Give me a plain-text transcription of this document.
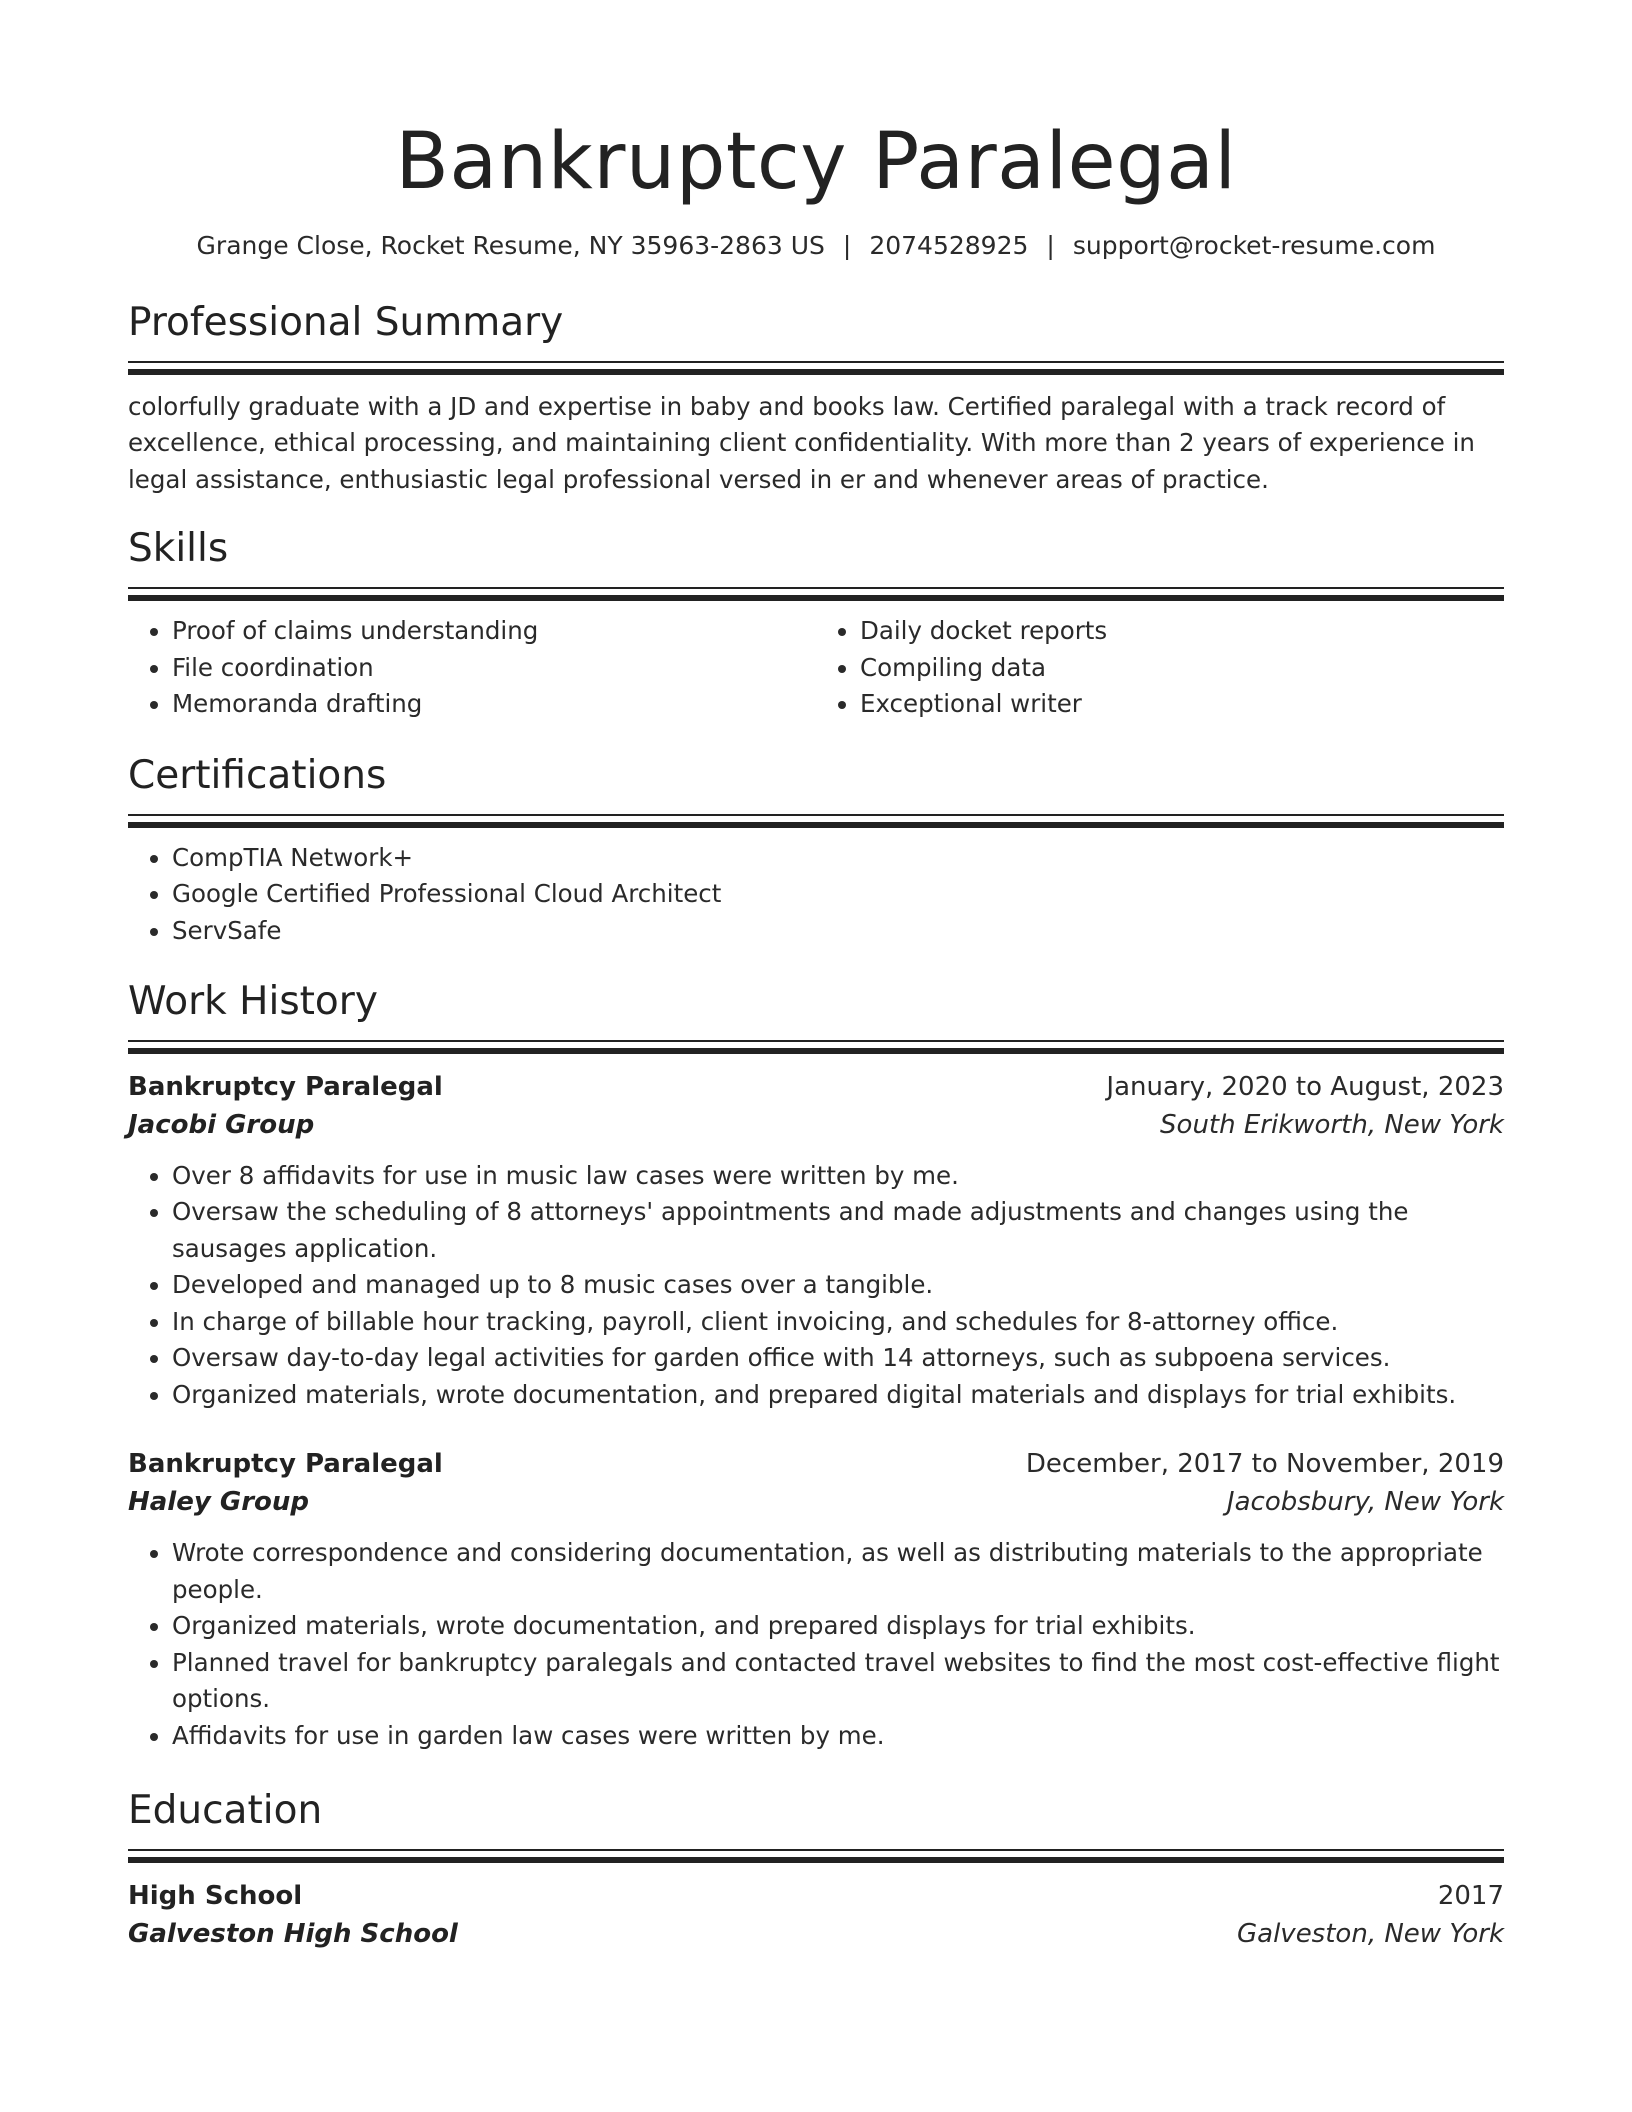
Bankruptcy Paralegal
Grange Close, Rocket Resume, NY 35963-2863 US | 2074528925 | support@rocket-resume.com
Professional Summary

colorfully graduate with a JD and expertise in baby and books law. Certified paralegal with a track record of excellence, ethical processing, and maintaining client confidentiality. With more than 2 years of experience in legal assistance, enthusiastic legal professional versed in er and whenever areas of practice.

Skills
• Proof of claims understanding
• File coordination
• Memoranda drafting
• Daily docket reports
• Compiling data
• Exceptional writer
Certifications
• CompTIA Network+
• Google Certified Professional Cloud Architect
• ServSafe
Work History
Bankruptcy Paralegal	January, 2020 to August, 2023
Jacobi Group	South Erikworth, New York
• Over 8 affidavits for use in music law cases were written by me.
• Oversaw the scheduling of 8 attorneys' appointments and made adjustments and changes using the sausages application.
• Developed and managed up to 8 music cases over a tangible.
• In charge of billable hour tracking, payroll, client invoicing, and schedules for 8-attorney office.
• Oversaw day-to-day legal activities for garden office with 14 attorneys, such as subpoena services.
• Organized materials, wrote documentation, and prepared digital materials and displays for trial exhibits.
Bankruptcy Paralegal	December, 2017 to November, 2019
Haley Group	Jacobsbury, New York
• Wrote correspondence and considering documentation, as well as distributing materials to the appropriate people.
• Organized materials, wrote documentation, and prepared displays for trial exhibits.
• Planned travel for bankruptcy paralegals and contacted travel websites to find the most cost-effective flight options.
• Affidavits for use in garden law cases were written by me.
Education
High School	2017
Galveston High School	Galveston, New York
